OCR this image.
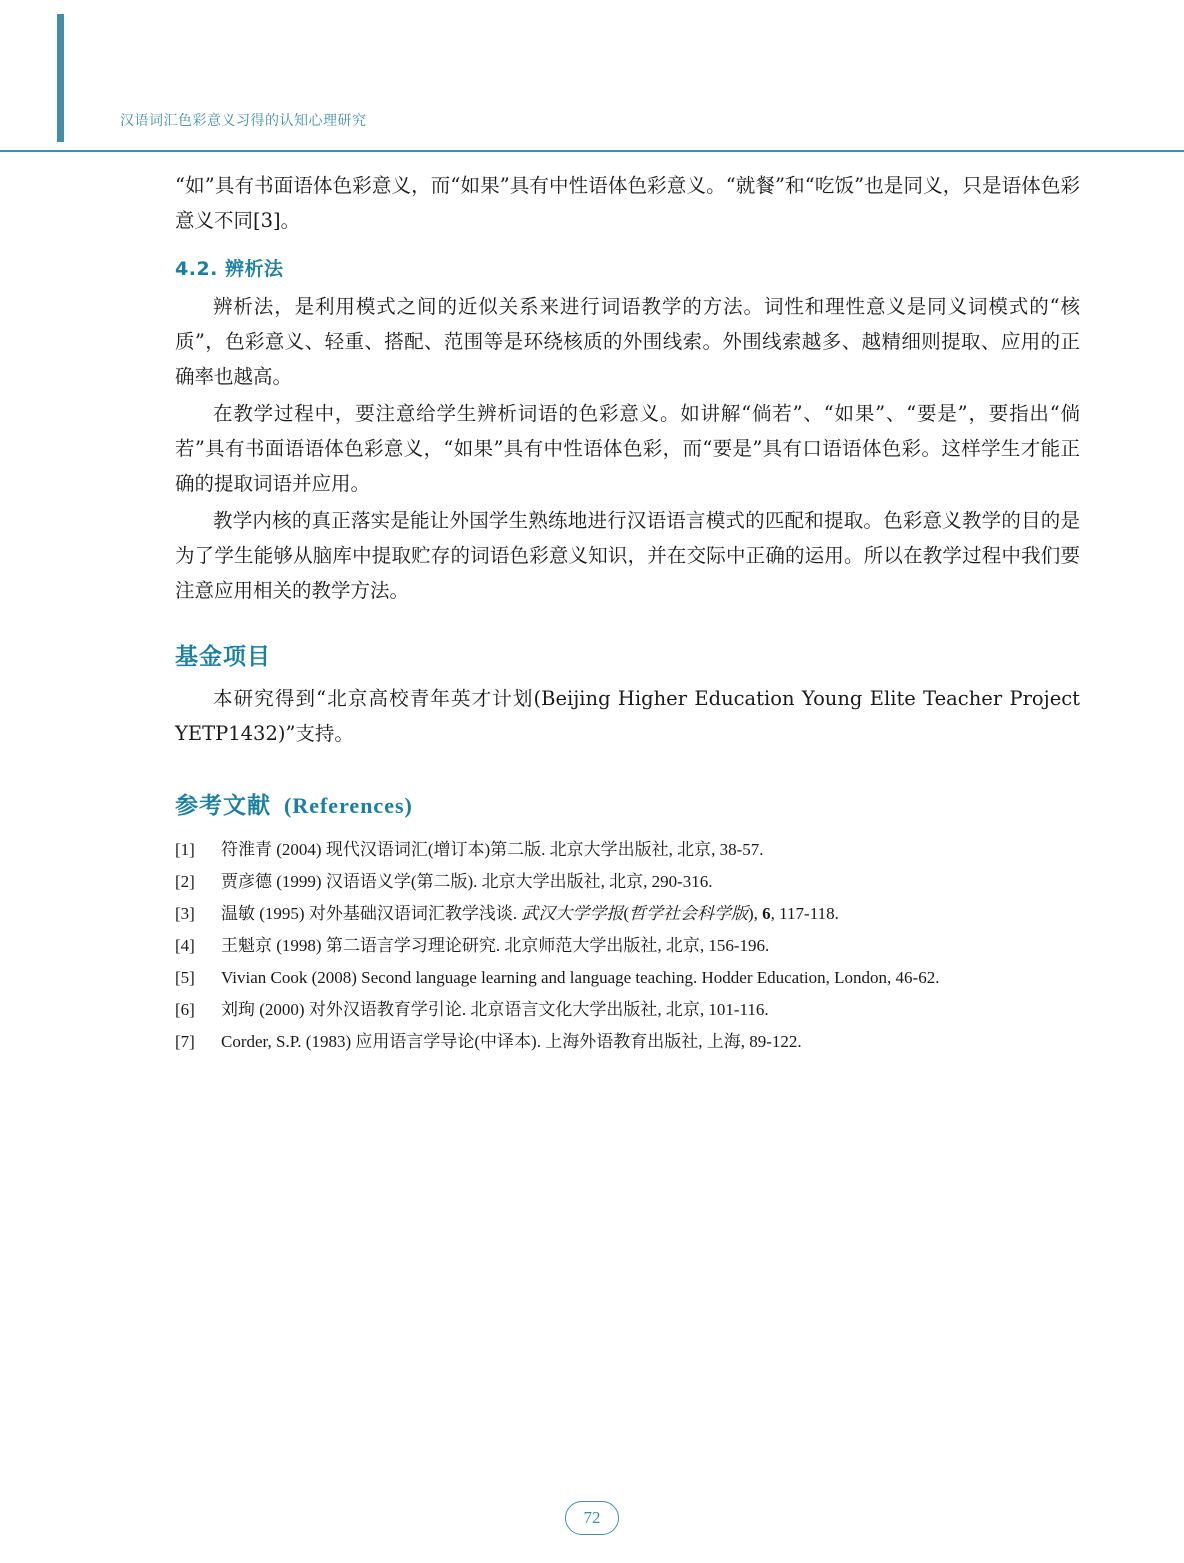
汉语词汇色彩意义习得的认知心理研究

“如”具有书面语体色彩意义，而“如果”具有中性语体色彩意义。“就餐”和“吃饭”也是同义，只是语体色彩意义不同[3]。

4.2. 辨析法

辨析法，是利用模式之间的近似关系来进行词语教学的方法。词性和理性意义是同义词模式的“核质”，色彩意义、轻重、搭配、范围等是环绕核质的外围线索。外围线索越多、越精细则提取、应用的正确率也越高。

在教学过程中，要注意给学生辨析词语的色彩意义。如讲解“倘若”、“如果”、“要是”，要指出“倘若”具有书面语语体色彩意义，“如果”具有中性语体色彩，而“要是”具有口语语体色彩。这样学生才能正确的提取词语并应用。

教学内核的真正落实是能让外国学生熟练地进行汉语语言模式的匹配和提取。色彩意义教学的目的是为了学生能够从脑库中提取贮存的词语色彩意义知识，并在交际中正确的运用。所以在教学过程中我们要注意应用相关的教学方法。

基金项目

本研究得到“北京高校青年英才计划(Beijing Higher Education Young Elite Teacher Project YETP1432)”支持。

参考文献 (References)
[1]	符淮青 (2004) 现代汉语词汇(增订本)第二版. 北京大学出版社, 北京, 38-57.
[2]	贾彦德 (1999) 汉语语义学(第二版). 北京大学出版社, 北京, 290-316.
[3]	温敏 (1995) 对外基础汉语词汇教学浅谈. 武汉大学学报(哲学社会科学版), 6, 117-118.
[4]	王魁京 (1998) 第二语言学习理论研究. 北京师范大学出版社, 北京, 156-196.
[5]	Vivian Cook (2008) Second language learning and language teaching. Hodder Education, London, 46-62.
[6]	刘珣 (2000) 对外汉语教育学引论. 北京语言文化大学出版社, 北京, 101-116.
[7]	Corder, S.P. (1983) 应用语言学导论(中译本). 上海外语教育出版社, 上海, 89-122.
72
